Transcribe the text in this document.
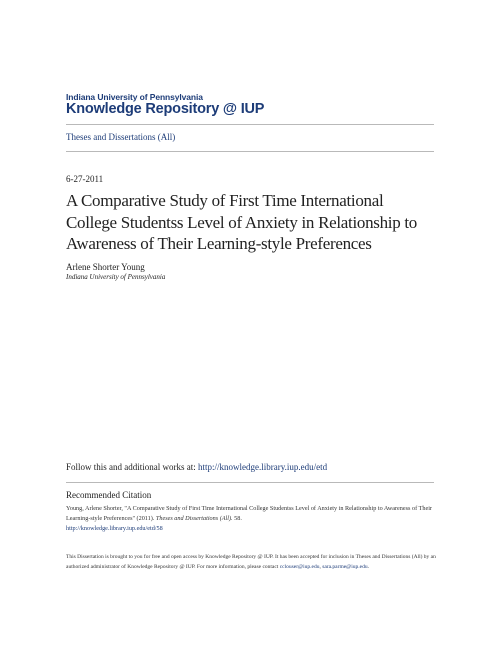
Indiana University of Pennsylvania
Knowledge Repository @ IUP
Theses and Dissertations (All)
6-27-2011
A Comparative Study of First Time International College Studentss Level of Anxiety in Relationship to Awareness of Their Learning-style Preferences
Arlene Shorter Young
Indiana University of Pennsylvania
Follow this and additional works at: http://knowledge.library.iup.edu/etd
Recommended Citation
Young, Arlene Shorter, "A Comparative Study of First Time International College Studentss Level of Anxiety in Relationship to Awareness of Their Learning-style Preferences" (2011). Theses and Dissertations (All). 58.
http://knowledge.library.iup.edu/etd/58
This Dissertation is brought to you for free and open access by Knowledge Repository @ IUP. It has been accepted for inclusion in Theses and Dissertations (All) by an authorized administrator of Knowledge Repository @ IUP. For more information, please contact cclouser@iup.edu, sara.parme@iup.edu.
